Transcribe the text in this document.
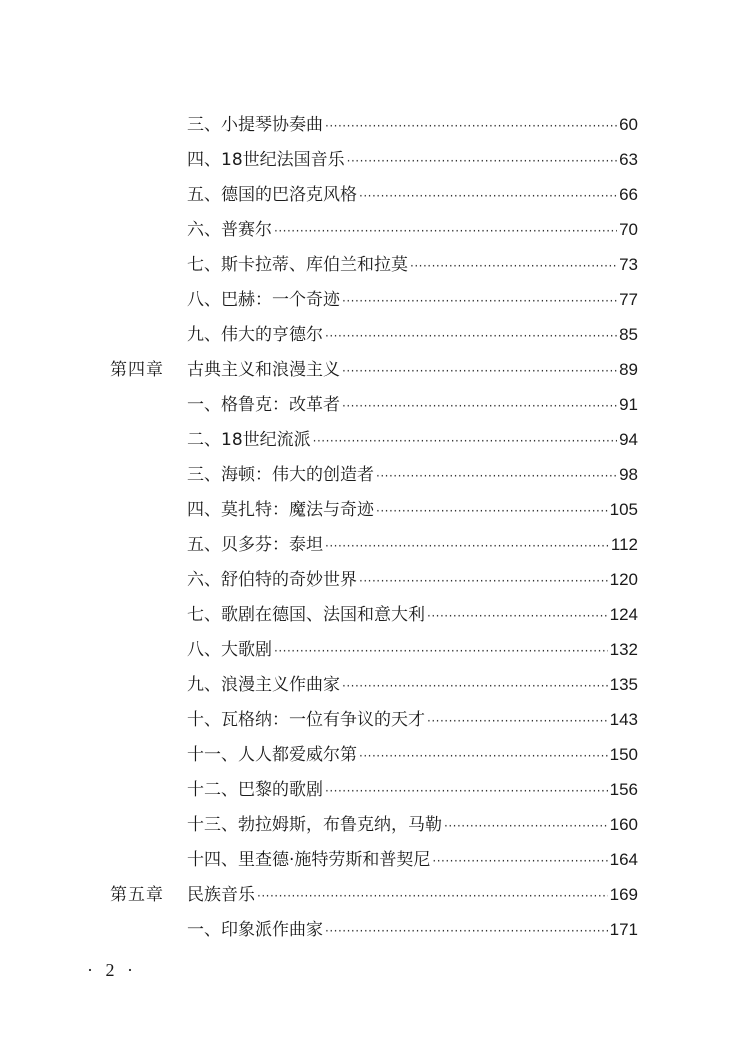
三、小提琴协奏曲 ·····	60
四、18世纪法国音乐 ·····	63
五、德国的巴洛克风格 ·····	66
六、普赛尔 ·····	70
七、斯卡拉蒂、库伯兰和拉莫 ·····	73
八、巴赫：一个奇迹 ·····	77
九、伟大的亨德尔 ·····	85
第四章 古典主义和浪漫主义 ·····	89
一、格鲁克：改革者 ·····	91
二、18世纪流派 ·····	94
三、海顿：伟大的创造者 ·····	98
四、莫扎特：魔法与奇迹 ·····	105
五、贝多芬：泰坦 ·····	112
六、舒伯特的奇妙世界 ·····	120
七、歌剧在德国、法国和意大利 ·····	124
八、大歌剧 ·····	132
九、浪漫主义作曲家 ·····	135
十、瓦格纳：一位有争议的天才 ·····	143
十一、人人都爱威尔第 ·····	150
十二、巴黎的歌剧 ·····	156
十三、勃拉姆斯，布鲁克纳，马勒 ·····	160
十四、里查德·施特劳斯和普契尼 ·····	164
第五章 民族音乐 ·····	169
一、印象派作曲家 ·····	171
· 2 ·
